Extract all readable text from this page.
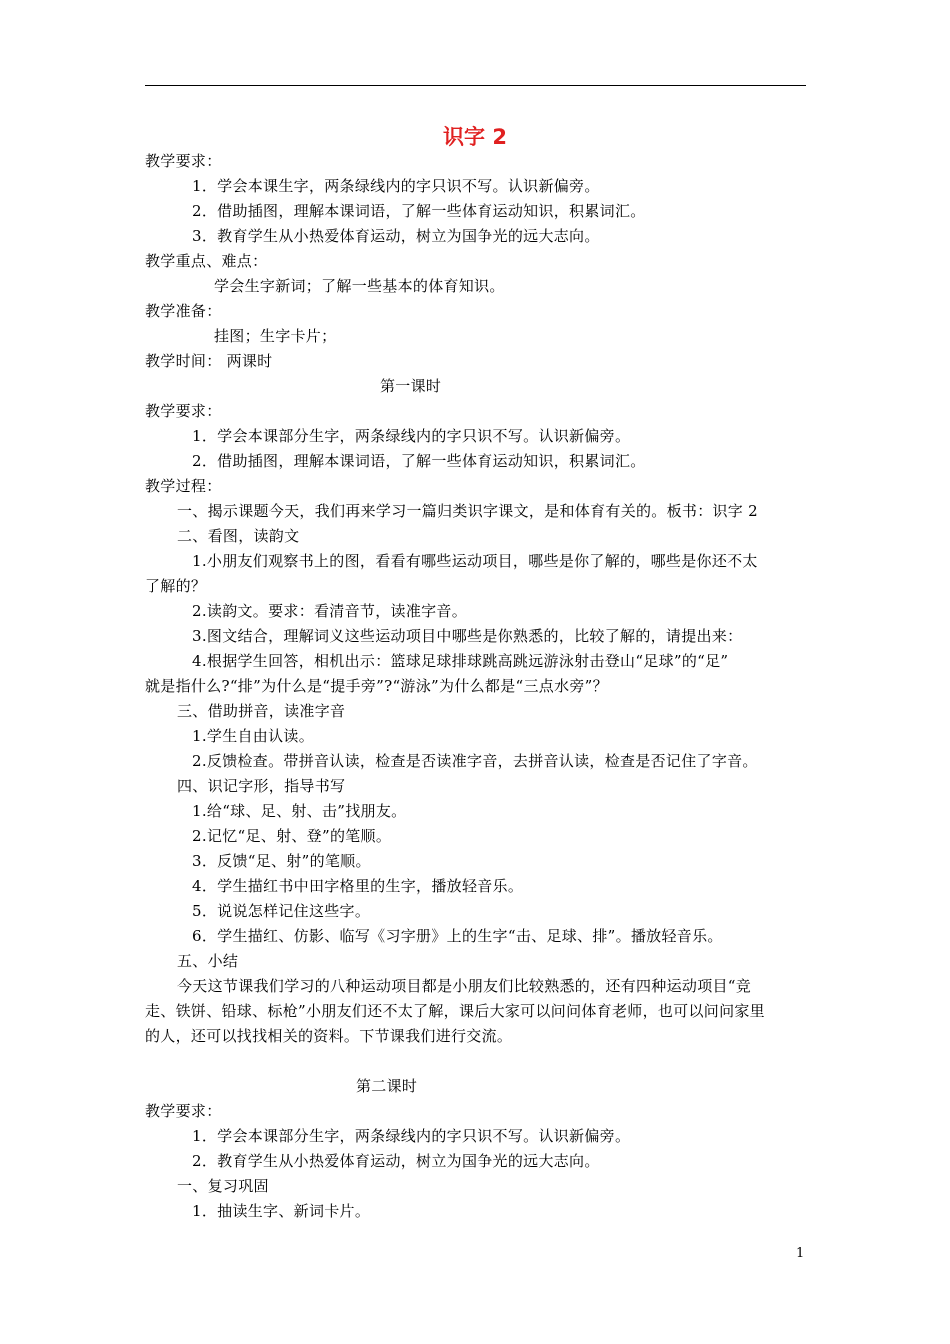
识字 2
教学要求：
1．学会本课生字，两条绿线内的字只识不写。认识新偏旁。
2．借助插图，理解本课词语，了解一些体育运动知识，积累词汇。
3．教育学生从小热爱体育运动，树立为国争光的远大志向。
教学重点、难点：
学会生字新词；了解一些基本的体育知识。
教学准备：
挂图；生字卡片；
教学时间： 两课时
第一课时
教学要求：
1．学会本课部分生字，两条绿线内的字只识不写。认识新偏旁。
2．借助插图，理解本课词语，了解一些体育运动知识，积累词汇。
教学过程：
一、揭示课题今天，我们再来学习一篇归类识字课文，是和体育有关的。板书：识字 2
二、看图，读韵文
1.小朋友们观察书上的图，看看有哪些运动项目，哪些是你了解的，哪些是你还不太
了解的？
2.读韵文。要求：看清音节，读准字音。
3.图文结合，理解词义这些运动项目中哪些是你熟悉的，比较了解的，请提出来：
4.根据学生回答，相机出示：篮球足球排球跳高跳远游泳射击登山“足球”的“足”
就是指什么?“排”为什么是“提手旁”?“游泳”为什么都是“三点水旁”？
三、借助拼音，读准字音
1.学生自由认读。
2.反馈检查。带拼音认读，检查是否读准字音，去拼音认读，检查是否记住了字音。
四、识记字形，指导书写
1.给“球、足、射、击”找朋友。
2.记忆“足、射、登”的笔顺。
3．反馈“足、射”的笔顺。
4．学生描红书中田字格里的生字，播放轻音乐。
5．说说怎样记住这些字。
6．学生描红、仿影、临写《习字册》上的生字“击、足球、排”。播放轻音乐。
五、小结
今天这节课我们学习的八种运动项目都是小朋友们比较熟悉的，还有四种运动项目“竞
走、铁饼、铅球、标枪”小朋友们还不太了解，课后大家可以问问体育老师，也可以问问家里
的人，还可以找找相关的资料。下节课我们进行交流。
第二课时
教学要求：
1．学会本课部分生字，两条绿线内的字只识不写。认识新偏旁。
2．教育学生从小热爱体育运动，树立为国争光的远大志向。
一、复习巩固
1．抽读生字、新词卡片。
1
